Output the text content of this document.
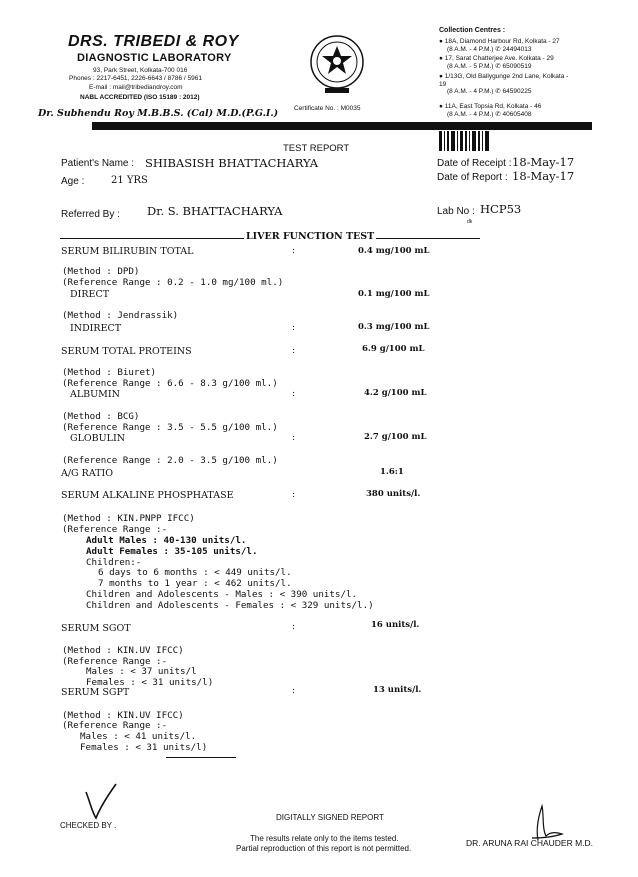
DRS. TRIBEDI & ROY
DIAGNOSTIC LABORATORY
93, Park Street, Kolkata-700 016
Phones : 2217-6451, 2226-6643 / 8786 / 5961
E-mail : mail@tribediandroy.com
NABL ACCREDITED (ISO 15189 : 2012)
Dr. Subhendu Roy M.B.B.S. (Cal) M.D.(P.G.I.) Certificate No. : M0035
Collection Centres :
● 18A, Diamond Harbour Rd, Kolkata - 27
(8 A.M. - 4 P.M.) ✆ 24494013
● 17, Sarat Chatterjee Ave. Kolkata - 29
(8 A.M. - 5 P.M.) ✆ 65090519
● 1/13G, Old Ballygunge 2nd Lane, Kolkata - 19
(8 A.M. - 4 P.M.) ✆ 64590225
● 11A, East Topsia Rd, Kolkata - 46
(8 A.M. - 4 P.M.) ✆ 40605408
TEST REPORT
Patient's Name : SHIBASISH BHATTACHARYA
Age :	21 YRS
Date of Receipt : 18-May-17
Date of Report : 18-May-17
Referred By : Dr. S. BHATTACHARYA	Lab No : HCP53
dk
LIVER FUNCTION TEST
SERUM BILIRUBIN TOTAL	:	0.4 mg/100 mL
(Method : DPD)
(Reference Range : 0.2 - 1.0 mg/100 ml.)
DIRECT	0.1 mg/100 mL
(Method : Jendrassik)
INDIRECT	:	0.3 mg/100 mL
SERUM TOTAL PROTEINS	:	6.9 g/100 mL
(Method : Biuret)
(Reference Range : 6.6 - 8.3 g/100 ml.)
ALBUMIN	:	4.2 g/100 mL
(Method : BCG)
(Reference Range : 3.5 - 5.5 g/100 ml.)
GLOBULIN	:	2.7 g/100 mL
(Reference Range : 2.0 - 3.5 g/100 ml.)
A/G RATIO	1.6:1
SERUM ALKALINE PHOSPHATASE	:	380 units/l.
(Method : KIN.PNPP IFCC)
(Reference Range :-
Adult Males : 40-130 units/l.
Adult Females : 35-105 units/l.
Children:-
6 days to 6 months : < 449 units/l.
7 months to 1 year : < 462 units/l.
Children and Adolescents - Males : < 390 units/l.
Children and Adolescents - Females : < 329 units/l.)
SERUM SGOT	:	16 units/l.
(Method : KIN.UV IFCC)
(Reference Range :-
Males : < 37 units/l
Females : < 31 units/l)
SERUM SGPT	:	13 units/l.
(Method : KIN.UV IFCC)
(Reference Range :-
Males : < 41 units/l.
Females : < 31 units/l)
CHECKED BY .
DIGITALLY SIGNED REPORT
The results relate only to the items tested.
Partial reproduction of this report is not permitted.
DR. ARUNA RAI CHAUDER M.D.
